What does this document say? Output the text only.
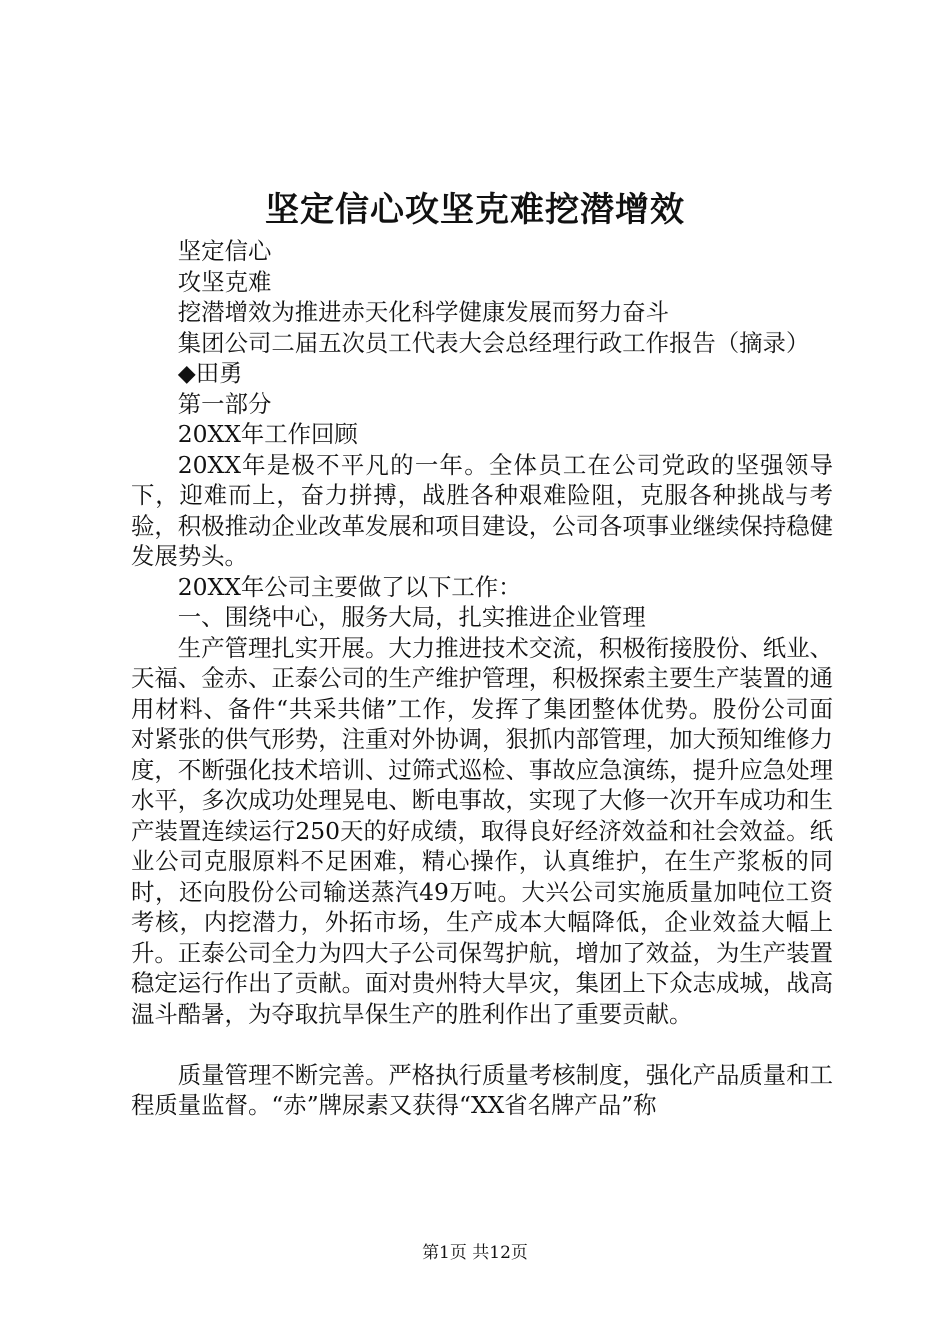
坚定信心攻坚克难挖潜增效

坚定信心

攻坚克难

挖潜增效为推进赤天化科学健康发展而努力奋斗

集团公司二届五次员工代表大会总经理行政工作报告（摘录）

◆田勇

第一部分

20XX年工作回顾

20XX年是极不平凡的一年。全体员工在公司党政的坚强领导下，迎难而上，奋力拼搏，战胜各种艰难险阻，克服各种挑战与考验，积极推动企业改革发展和项目建设，公司各项事业继续保持稳健发展势头。

20XX年公司主要做了以下工作：

一、围绕中心，服务大局，扎实推进企业管理

生产管理扎实开展。大力推进技术交流，积极衔接股份、纸业、天福、金赤、正泰公司的生产维护管理，积极探索主要生产装置的通用材料、备件“共采共储”工作，发挥了集团整体优势。股份公司面对紧张的供气形势，注重对外协调，狠抓内部管理，加大预知维修力度，不断强化技术培训、过筛式巡检、事故应急演练，提升应急处理水平，多次成功处理晃电、断电事故，实现了大修一次开车成功和生产装置连续运行250天的好成绩，取得良好经济效益和社会效益。纸业公司克服原料不足困难，精心操作，认真维护，在生产浆板的同时，还向股份公司输送蒸汽49万吨。大兴公司实施质量加吨位工资考核，内挖潜力，外拓市场，生产成本大幅降低，企业效益大幅上升。正泰公司全力为四大子公司保驾护航，增加了效益，为生产装置稳定运行作出了贡献。面对贵州特大旱灾，集团上下众志成城，战高温斗酷暑，为夺取抗旱保生产的胜利作出了重要贡献。

质量管理不断完善。严格执行质量考核制度，强化产品质量和工程质量监督。“赤”牌尿素又获得“XX省名牌产品”称

第1页 共12页
